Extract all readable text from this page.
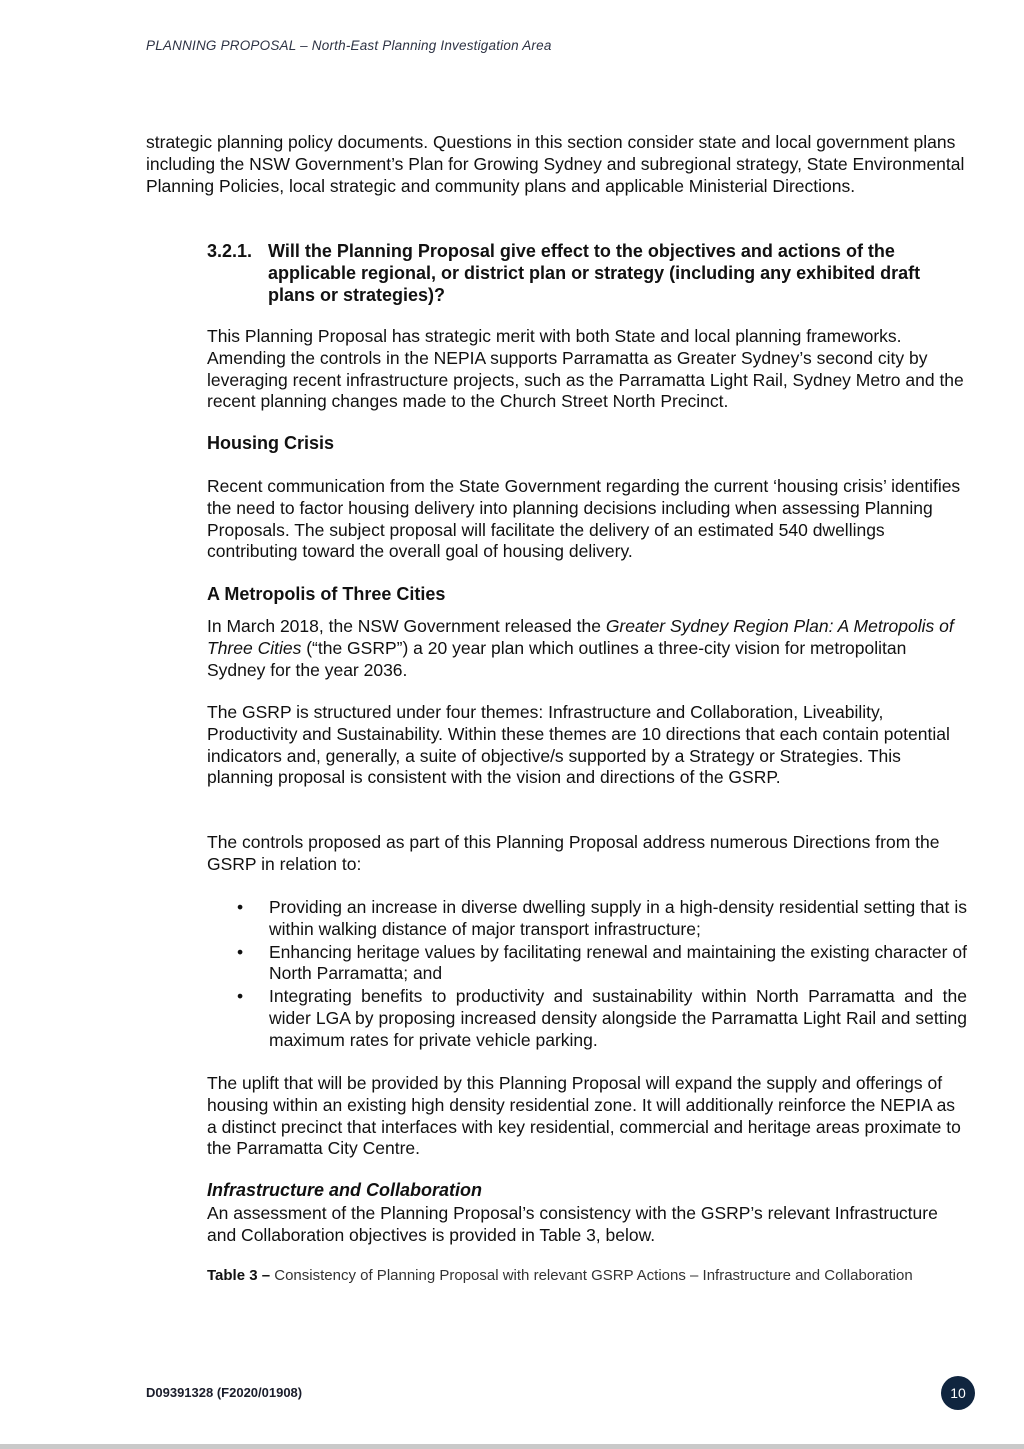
PLANNING PROPOSAL – North-East Planning Investigation Area

strategic planning policy documents. Questions in this section consider state and local government plans including the NSW Government’s Plan for Growing Sydney and subregional strategy, State Environmental Planning Policies, local strategic and community plans and applicable Ministerial Directions.

3.2.1. Will the Planning Proposal give effect to the objectives and actions of the applicable regional, or district plan or strategy (including any exhibited draft plans or strategies)?

This Planning Proposal has strategic merit with both State and local planning frameworks. Amending the controls in the NEPIA supports Parramatta as Greater Sydney’s second city by leveraging recent infrastructure projects, such as the Parramatta Light Rail, Sydney Metro and the recent planning changes made to the Church Street North Precinct.

Housing Crisis

Recent communication from the State Government regarding the current ‘housing crisis’ identifies the need to factor housing delivery into planning decisions including when assessing Planning Proposals. The subject proposal will facilitate the delivery of an estimated 540 dwellings contributing toward the overall goal of housing delivery.

A Metropolis of Three Cities

In March 2018, the NSW Government released the Greater Sydney Region Plan: A Metropolis of Three Cities (“the GSRP”) a 20 year plan which outlines a three-city vision for metropolitan Sydney for the year 2036.

The GSRP is structured under four themes: Infrastructure and Collaboration, Liveability, Productivity and Sustainability. Within these themes are 10 directions that each contain potential indicators and, generally, a suite of objective/s supported by a Strategy or Strategies. This planning proposal is consistent with the vision and directions of the GSRP.

The controls proposed as part of this Planning Proposal address numerous Directions from the GSRP in relation to:

• Providing an increase in diverse dwelling supply in a high-density residential setting that is within walking distance of major transport infrastructure;
• Enhancing heritage values by facilitating renewal and maintaining the existing character of North Parramatta; and
• Integrating benefits to productivity and sustainability within North Parramatta and the wider LGA by proposing increased density alongside the Parramatta Light Rail and setting maximum rates for private vehicle parking.

The uplift that will be provided by this Planning Proposal will expand the supply and offerings of housing within an existing high density residential zone. It will additionally reinforce the NEPIA as a distinct precinct that interfaces with key residential, commercial and heritage areas proximate to the Parramatta City Centre.

Infrastructure and Collaboration

An assessment of the Planning Proposal’s consistency with the GSRP’s relevant Infrastructure and Collaboration objectives is provided in Table 3, below.

Table 3 – Consistency of Planning Proposal with relevant GSRP Actions – Infrastructure and Collaboration
D09391328 (F2020/01908)	10
